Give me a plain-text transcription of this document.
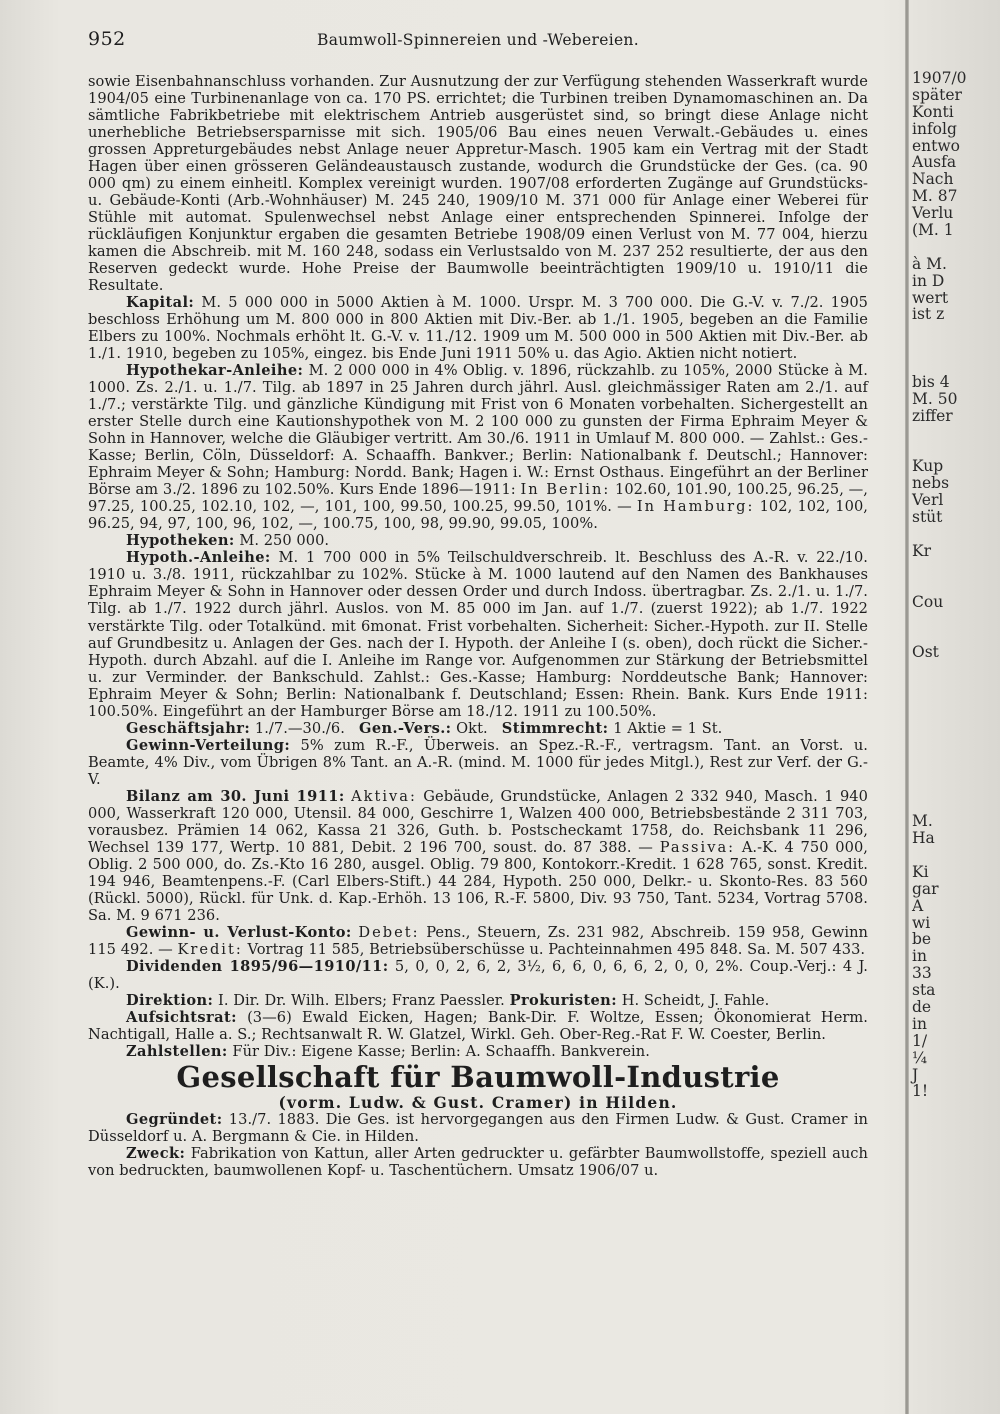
952	Baumwoll-Spinnereien und -Webereien.

sowie Eisenbahnanschluss vorhanden. Zur Ausnutzung der zur Verfügung stehenden Wasserkraft wurde 1904/05 eine Turbinenanlage von ca. 170 PS. errichtet; die Turbinen treiben Dynamomaschinen an. Da sämtliche Fabrikbetriebe mit elektrischem Antrieb ausgerüstet sind, so bringt diese Anlage nicht unerhebliche Betriebsersparnisse mit sich. 1905/06 Bau eines neuen Verwalt.-Gebäudes u. eines grossen Appreturgebäudes nebst Anlage neuer Appretur-Masch. 1905 kam ein Vertrag mit der Stadt Hagen über einen grösseren Geländeaustausch zustande, wodurch die Grundstücke der Ges. (ca. 90 000 qm) zu einem einheitl. Komplex vereinigt wurden. 1907/08 erforderten Zugänge auf Grundstücks- u. Gebäude-Konti (Arb.-Wohnhäuser) M. 245 240, 1909/10 M. 371 000 für Anlage einer Weberei für Stühle mit automat. Spulenwechsel nebst Anlage einer entsprechenden Spinnerei. Infolge der rückläufigen Konjunktur ergaben die gesamten Betriebe 1908/09 einen Verlust von M. 77 004, hierzu kamen die Abschreib. mit M. 160 248, sodass ein Verlustsaldo von M. 237 252 resultierte, der aus den Reserven gedeckt wurde. Hohe Preise der Baumwolle beeinträchtigten 1909/10 u. 1910/11 die Resultate.

Kapital: M. 5 000 000 in 5000 Aktien à M. 1000. Urspr. M. 3 700 000. Die G.-V. v. 7./2. 1905 beschloss Erhöhung um M. 800 000 in 800 Aktien mit Div.-Ber. ab 1./1. 1905, begeben an die Familie Elbers zu 100%. Nochmals erhöht lt. G.-V. v. 11./12. 1909 um M. 500 000 in 500 Aktien mit Div.-Ber. ab 1./1. 1910, begeben zu 105%, eingez. bis Ende Juni 1911 50% u. das Agio. Aktien nicht notiert.

Hypothekar-Anleihe: M. 2 000 000 in 4% Oblig. v. 1896, rückzahlb. zu 105%, 2000 Stücke à M. 1000. Zs. 2./1. u. 1./7. Tilg. ab 1897 in 25 Jahren durch jährl. Ausl. gleichmässiger Raten am 2./1. auf 1./7.; verstärkte Tilg. und gänzliche Kündigung mit Frist von 6 Monaten vorbehalten. Sichergestellt an erster Stelle durch eine Kautionshypothek von M. 2 100 000 zu gunsten der Firma Ephraim Meyer & Sohn in Hannover, welche die Gläubiger vertritt. Am 30./6. 1911 in Umlauf M. 800 000. — Zahlst.: Ges.-Kasse; Berlin, Cöln, Düsseldorf: A. Schaaffh. Bankver.; Berlin: Nationalbank f. Deutschl.; Hannover: Ephraim Meyer & Sohn; Hamburg: Nordd. Bank; Hagen i. W.: Ernst Osthaus. Eingeführt an der Berliner Börse am 3./2. 1896 zu 102.50%. Kurs Ende 1896—1911: In Berlin: 102.60, 101.90, 100.25, 96.25, —, 97.25, 100.25, 102.10, 102, —, 101, 100, 99.50, 100.25, 99.50, 101%. — In Hamburg: 102, 102, 100, 96.25, 94, 97, 100, 96, 102, —, 100.75, 100, 98, 99.90, 99.05, 100%.

Hypotheken: M. 250 000.

Hypoth.-Anleihe: M. 1 700 000 in 5% Teilschuldverschreib. lt. Beschluss des A.-R. v. 22./10. 1910 u. 3./8. 1911, rückzahlbar zu 102%. Stücke à M. 1000 lautend auf den Namen des Bankhauses Ephraim Meyer & Sohn in Hannover oder dessen Order und durch Indoss. übertragbar. Zs. 2./1. u. 1./7. Tilg. ab 1./7. 1922 durch jährl. Auslos. von M. 85 000 im Jan. auf 1./7. (zuerst 1922); ab 1./7. 1922 verstärkte Tilg. oder Totalkünd. mit 6monat. Frist vorbehalten. Sicherheit: Sicher.-Hypoth. zur II. Stelle auf Grundbesitz u. Anlagen der Ges. nach der I. Hypoth. der Anleihe I (s. oben), doch rückt die Sicher.-Hypoth. durch Abzahl. auf die I. Anleihe im Range vor. Aufgenommen zur Stärkung der Betriebsmittel u. zur Verminder. der Bankschuld. Zahlst.: Ges.-Kasse; Hamburg: Norddeutsche Bank; Hannover: Ephraim Meyer & Sohn; Berlin: Nationalbank f. Deutschland; Essen: Rhein. Bank. Kurs Ende 1911: 100.50%. Eingeführt an der Hamburger Börse am 18./12. 1911 zu 100.50%.

Geschäftsjahr: 1./7.—30./6. Gen.-Vers.: Okt. Stimmrecht: 1 Aktie = 1 St.

Gewinn-Verteilung: 5% zum R.-F., Überweis. an Spez.-R.-F., vertragsm. Tant. an Vorst. u. Beamte, 4% Div., vom Übrigen 8% Tant. an A.-R. (mind. M. 1000 für jedes Mitgl.), Rest zur Verf. der G.-V.

Bilanz am 30. Juni 1911: Aktiva: Gebäude, Grundstücke, Anlagen 2 332 940, Masch. 1 940 000, Wasserkraft 120 000, Utensil. 84 000, Geschirre 1, Walzen 400 000, Betriebsbestände 2 311 703, vorausbez. Prämien 14 062, Kassa 21 326, Guth. b. Postscheckamt 1758, do. Reichsbank 11 296, Wechsel 139 177, Wertp. 10 881, Debit. 2 196 700, soust. do. 87 388. — Passiva: A.-K. 4 750 000, Oblig. 2 500 000, do. Zs.-Kto 16 280, ausgel. Oblig. 79 800, Kontokorr.-Kredit. 1 628 765, sonst. Kredit. 194 946, Beamtenpens.-F. (Carl Elbers-Stift.) 44 284, Hypoth. 250 000, Delkr.- u. Skonto-Res. 83 560 (Rückl. 5000), Rückl. für Unk. d. Kap.-Erhöh. 13 106, R.-F. 5800, Div. 93 750, Tant. 5234, Vortrag 5708. Sa. M. 9 671 236.

Gewinn- u. Verlust-Konto: Debet: Pens., Steuern, Zs. 231 982, Abschreib. 159 958, Gewinn 115 492. — Kredit: Vortrag 11 585, Betriebsüberschüsse u. Pachteinnahmen 495 848. Sa. M. 507 433.

Dividenden 1895/96—1910/11: 5, 0, 0, 2, 6, 2, 3½, 6, 6, 0, 6, 6, 2, 0, 0, 2%. Coup.-Verj.: 4 J. (K.).

Direktion: I. Dir. Dr. Wilh. Elbers; Franz Paessler. Prokuristen: H. Scheidt, J. Fahle.

Aufsichtsrat: (3—6) Ewald Eicken, Hagen; Bank-Dir. F. Woltze, Essen; Ökonomierat Herm. Nachtigall, Halle a. S.; Rechtsanwalt R. W. Glatzel, Wirkl. Geh. Ober-Reg.-Rat F. W. Coester, Berlin.

Zahlstellen: Für Div.: Eigene Kasse; Berlin: A. Schaaffh. Bankverein.

Gesellschaft für Baumwoll-Industrie

(vorm. Ludw. & Gust. Cramer) in Hilden.

Gegründet: 13./7. 1883. Die Ges. ist hervorgegangen aus den Firmen Ludw. & Gust. Cramer in Düsseldorf u. A. Bergmann & Cie. in Hilden.

Zweck: Fabrikation von Kattun, aller Arten gedruckter u. gefärbter Baumwollstoffe, speziell auch von bedruckten, baumwollenen Kopf- u. Taschentüchern. Umsatz 1906/07 u.

1907/0
später
Konti
infolg
entwo
Ausfa
Nach
M. 87
Verlu
(M. 1

à M.
in D
wert
ist z

bis 4
M. 50
ziffer

Kup
nebs
Verl
stüt

Kr

Cou

Ost

M.
Ha

Ki
gar
A
wi
be
in
33
sta
de
in
1/
¼
J
1!
